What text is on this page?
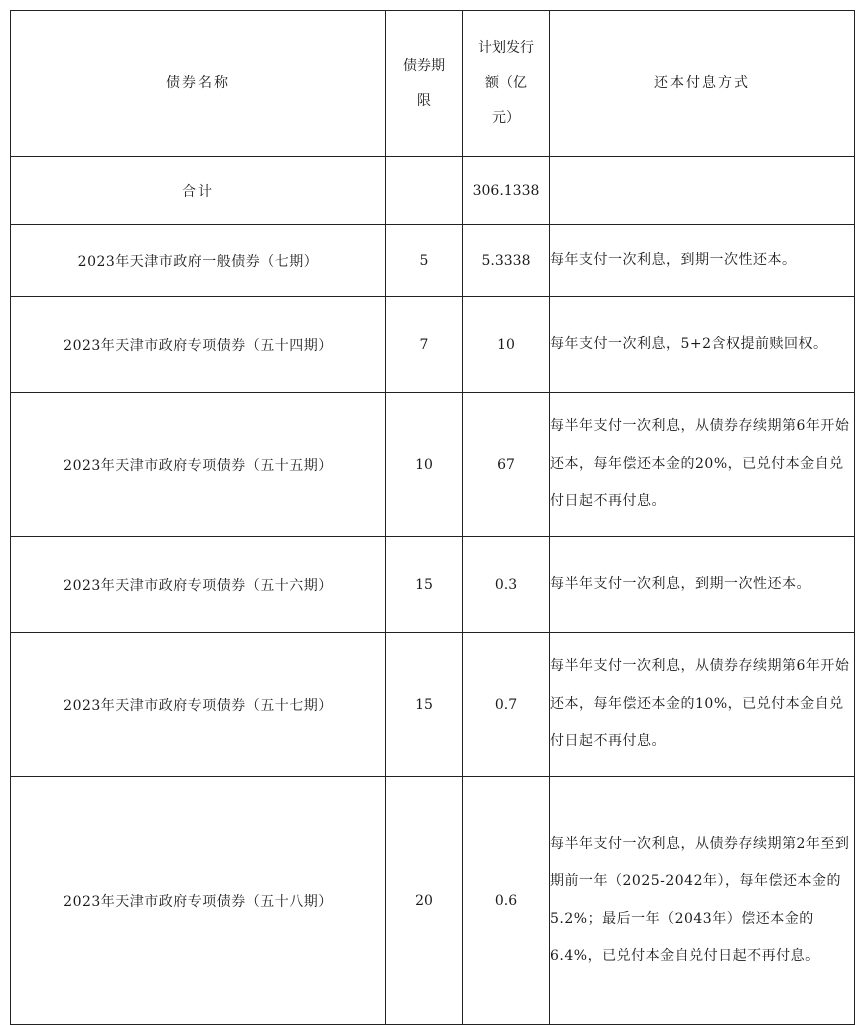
债券名称	债券期限	计划发行额（亿元）	还本付息方式
合计		306.1338	
2023年天津市政府一般债券（七期）	5	5.3338	每年支付一次利息，到期一次性还本。
2023年天津市政府专项债券（五十四期）	7	10	每年支付一次利息，5+2含权提前赎回权。
2023年天津市政府专项债券（五十五期）	10	67	每半年支付一次利息，从债券存续期第6年开始还本，每年偿还本金的20%，已兑付本金自兑付日起不再付息。
2023年天津市政府专项债券（五十六期）	15	0.3	每半年支付一次利息，到期一次性还本。
2023年天津市政府专项债券（五十七期）	15	0.7	每半年支付一次利息，从债券存续期第6年开始还本，每年偿还本金的10%，已兑付本金自兑付日起不再付息。
2023年天津市政府专项债券（五十八期）	20	0.6	每半年支付一次利息，从债券存续期第2年至到期前一年（2025-2042年），每年偿还本金的5.2%；最后一年（2043年）偿还本金的6.4%，已兑付本金自兑付日起不再付息。
